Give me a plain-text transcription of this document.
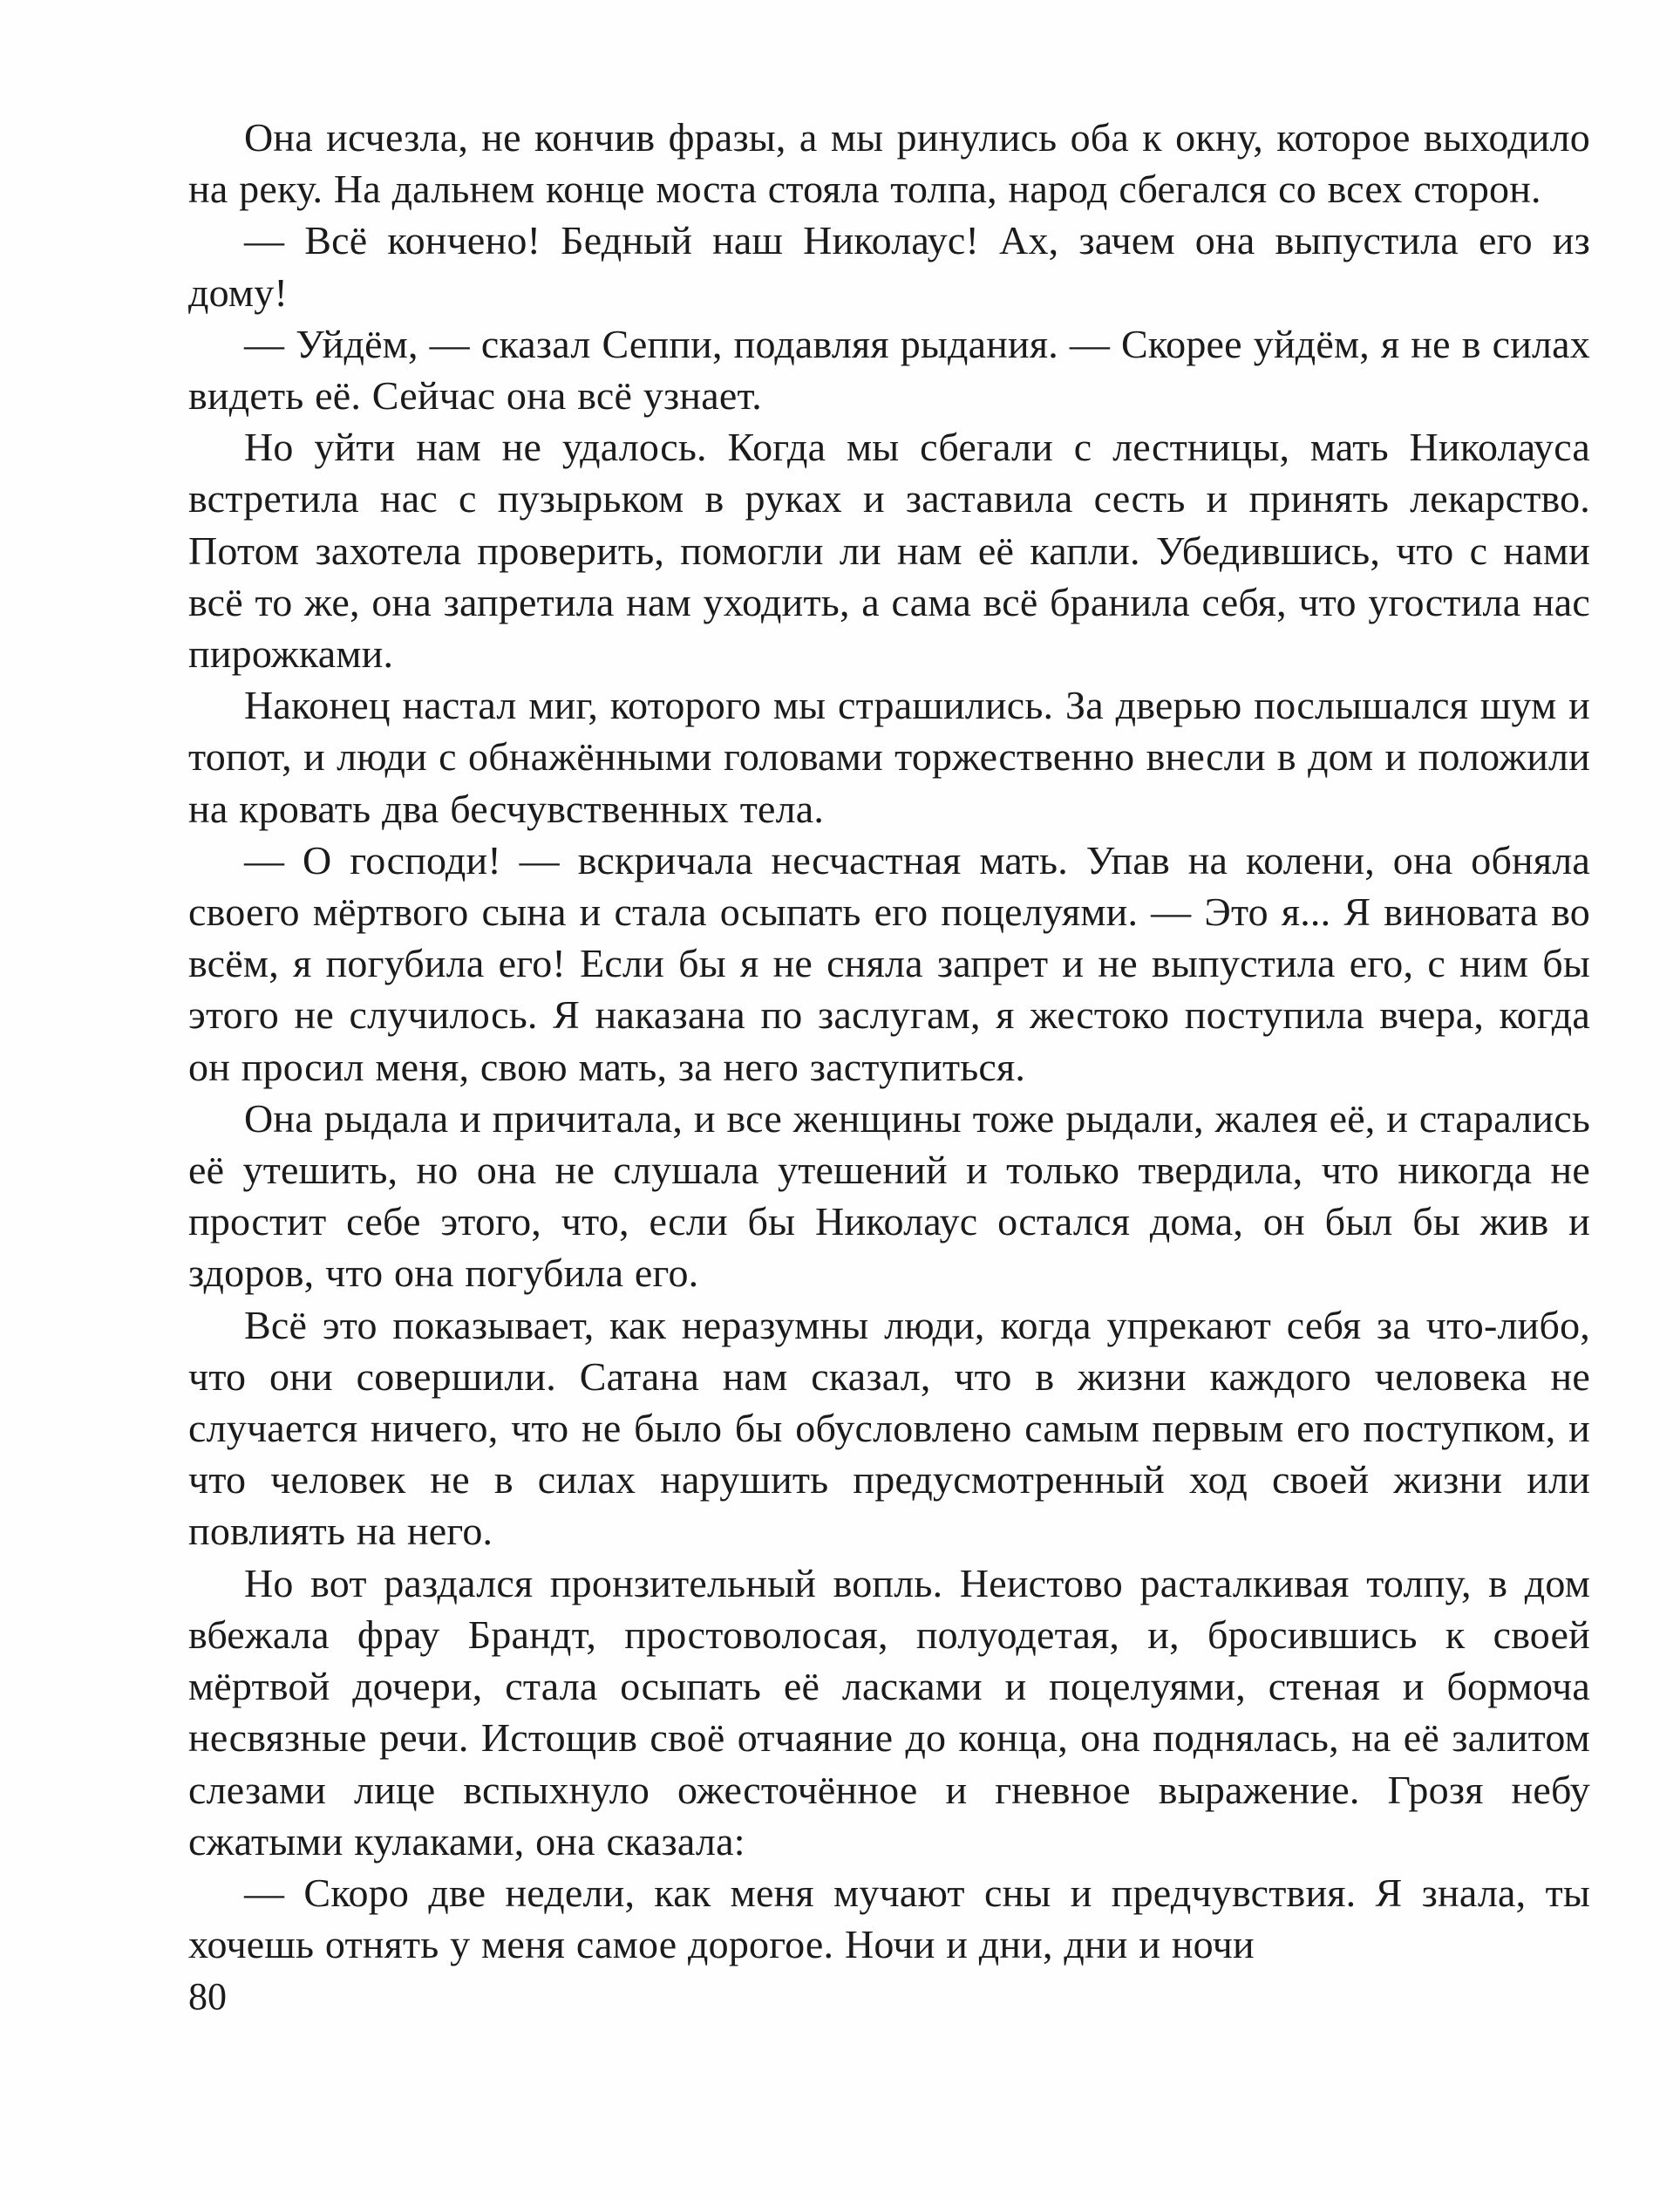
Она исчезла, не кончив фразы, а мы ринулись оба к окну, которое выходило на реку. На дальнем конце моста стояла толпа, народ сбегался со всех сторон.

— Всё кончено! Бедный наш Николаус! Ах, зачем она выпустила его из дому!

— Уйдём, — сказал Сеппи, подавляя рыдания. — Скорее уйдём, я не в силах видеть её. Сейчас она всё узнает.

Но уйти нам не удалось. Когда мы сбегали с лестницы, мать Николауса встретила нас с пузырьком в руках и заставила сесть и принять лекарство. Потом захотела проверить, помогли ли нам её капли. Убедившись, что с нами всё то же, она запретила нам уходить, а сама всё бранила себя, что угостила нас пирожками.

Наконец настал миг, которого мы страшились. За дверью послышался шум и топот, и люди с обнажёнными головами торжественно внесли в дом и положили на кровать два бесчувственных тела.

— О господи! — вскричала несчастная мать. Упав на колени, она обняла своего мёртвого сына и стала осыпать его поцелуями. — Это я... Я виновата во всём, я погубила его! Если бы я не сняла запрет и не выпустила его, с ним бы этого не случилось. Я наказана по заслугам, я жестоко поступила вчера, когда он просил меня, свою мать, за него заступиться.

Она рыдала и причитала, и все женщины тоже рыдали, жалея её, и старались её утешить, но она не слушала утешений и только твердила, что никогда не простит себе этого, что, если бы Николаус остался дома, он был бы жив и здоров, что она погубила его.

Всё это показывает, как неразумны люди, когда упрекают себя за что-либо, что они совершили. Сатана нам сказал, что в жизни каждого человека не случается ничего, что не было бы обусловлено самым первым его поступком, и что человек не в силах нарушить предусмотренный ход своей жизни или повлиять на него.

Но вот раздался пронзительный вопль. Неистово расталкивая толпу, в дом вбежала фрау Брандт, простоволосая, полуодетая, и, бросившись к своей мёртвой дочери, стала осыпать её ласками и поцелуями, стеная и бормоча несвязные речи. Истощив своё отчаяние до конца, она поднялась, на её залитом слезами лице вспыхнуло ожесточённое и гневное выражение. Грозя небу сжатыми кулаками, она сказала:

— Скоро две недели, как меня мучают сны и предчувствия. Я знала, ты хочешь отнять у меня самое дорогое. Ночи и дни, дни и ночи

80
